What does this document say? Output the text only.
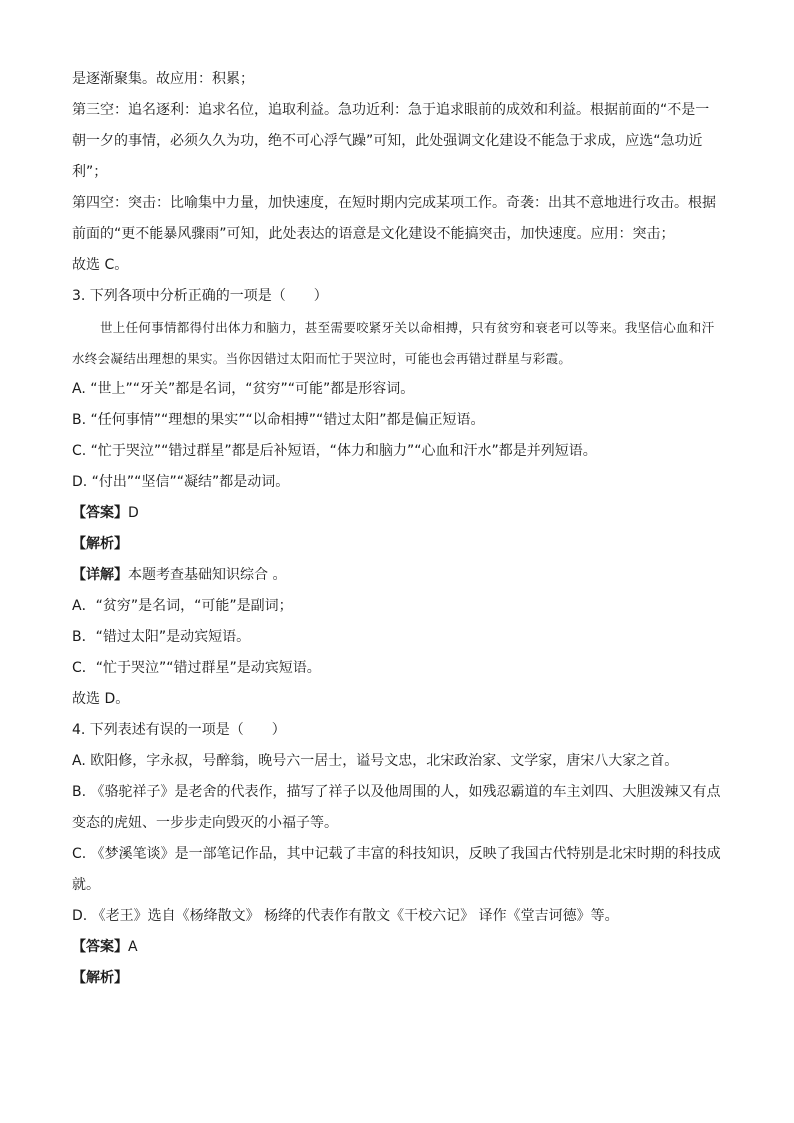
是逐渐聚集。故应用：积累；

第三空：追名逐利：追求名位，追取利益。急功近利：急于追求眼前的成效和利益。根据前面的“不是一朝一夕的事情，必须久久为功，绝不可心浮气躁”可知，此处强调文化建设不能急于求成，应选“急功近利”；

第四空：突击：比喻集中力量，加快速度，在短时期内完成某项工作。奇袭：出其不意地进行攻击。根据前面的“更不能暴风骤雨”可知，此处表达的语意是文化建设不能搞突击，加快速度。应用：突击；

故选 C。

3. 下列各项中分析正确的一项是（　　）

世上任何事情都得付出体力和脑力，甚至需要咬紧牙关以命相搏，只有贫穷和衰老可以等来。我坚信心血和汗水终会凝结出理想的果实。当你因错过太阳而忙于哭泣时，可能也会再错过群星与彩霞。

A. “世上”“牙关”都是名词，“贫穷”“可能”都是形容词。

B. “任何事情”“理想的果实”“以命相搏”“错过太阳”都是偏正短语。

C. “忙于哭泣”“错过群星”都是后补短语，“体力和脑力”“心血和汗水”都是并列短语。

D. “付出”“坚信”“凝结”都是动词。

【答案】D

【解析】

【详解】本题考查基础知识综合 。

A．“贫穷”是名词，“可能”是副词；

B．“错过太阳”是动宾短语。

C．“忙于哭泣”“错过群星”是动宾短语。

故选 D。

4. 下列表述有误的一项是（　　）

A. 欧阳修，字永叔，号醉翁，晚号六一居士，谥号文忠，北宋政治家、文学家，唐宋八大家之首。

B. 《骆驼祥子》是老舍的代表作，描写了祥子以及他周围的人，如残忍霸道的车主刘四、大胆泼辣又有点变态的虎妞、一步步走向毁灭的小福子等。

C. 《梦溪笔谈》是一部笔记作品，其中记载了丰富的科技知识，反映了我国古代特别是北宋时期的科技成就。

D. 《老王》选自《杨绛散文》 杨绛的代表作有散文《干校六记》 译作《堂吉诃德》等。

【答案】A

【解析】
